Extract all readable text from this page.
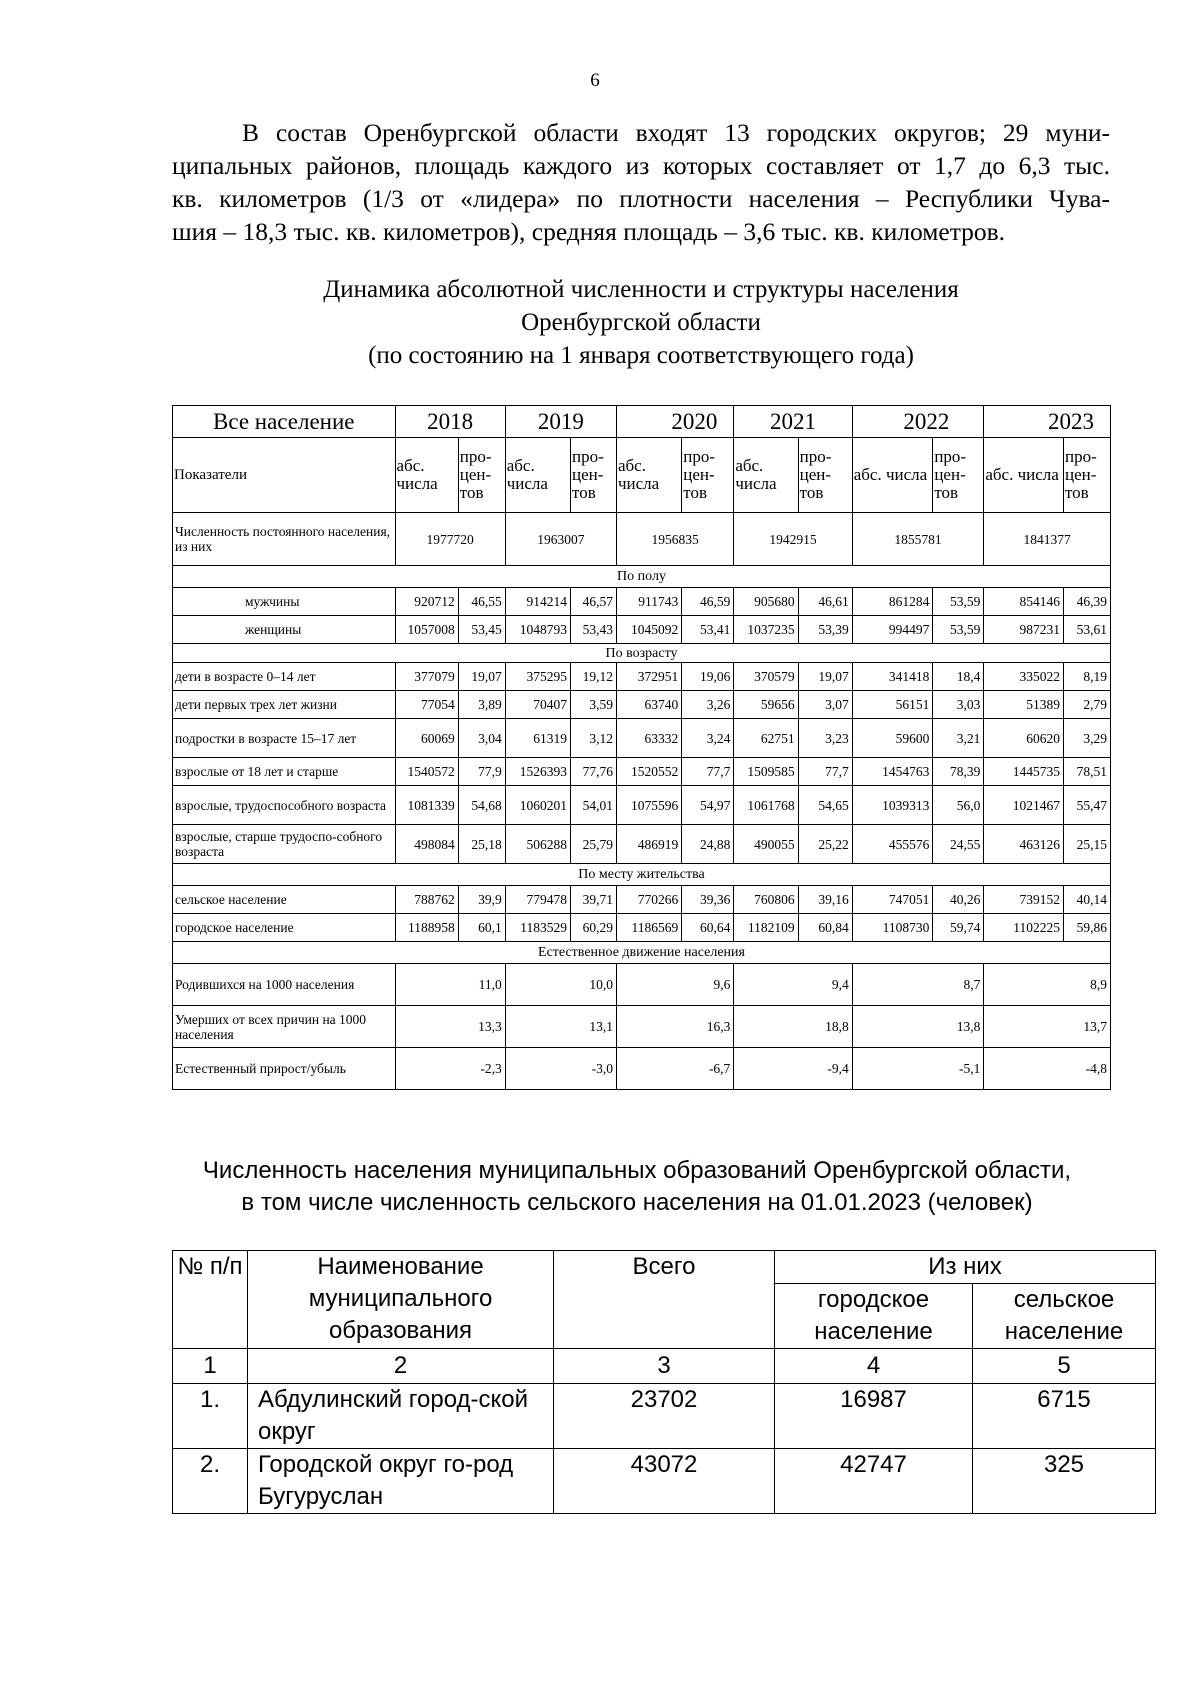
6

В состав Оренбургской области входят 13 городских округов; 29 муни-
ципальных районов, площадь каждого из которых составляет от 1,7 до 6,3 тыс.
кв. километров (1/3 от «лидера» по плотности населения – Республики Чува-
шия – 18,3 тыс. кв. километров), средняя площадь – 3,6 тыс. кв. километров.

Динамика абсолютной численности и структуры населения
Оренбургской области
(по состоянию на 1 января соответствующего года)
Все население	2018		2019		2020		2021		2022		2023	
Показатели	абс. числа	про-цен-тов	абс. числа	про-цен-тов	абс. числа	про-цен-тов	абс. числа	про-цен-тов	абс. числа	про-цен-тов	абс. числа	про-цен-тов
Численность постоянного населения, из них	1977720		1963007		1956835		1942915		1855781		1841377	
По полу												
мужчины	920712	46,55	914214	46,57	911743	46,59	905680	46,61	861284	53,59	854146	46,39
женщины	1057008	53,45	1048793	53,43	1045092	53,41	1037235	53,39	994497	53,59	987231	53,61
По возрасту												
дети в возрасте 0–14 лет	377079	19,07	375295	19,12	372951	19,06	370579	19,07	341418	18,4	335022	8,19
дети первых трех лет жизни	77054	3,89	70407	3,59	63740	3,26	59656	3,07	56151	3,03	51389	2,79
подростки в возрасте 15–17 лет	60069	3,04	61319	3,12	63332	3,24	62751	3,23	59600	3,21	60620	3,29
взрослые от 18 лет и старше	1540572	77,9	1526393	77,76	1520552	77,7	1509585	77,7	1454763	78,39	1445735	78,51
взрослые, трудоспособного возраста	1081339	54,68	1060201	54,01	1075596	54,97	1061768	54,65	1039313	56,0	1021467	55,47
взрослые, старше трудоспо-собного возраста	498084	25,18	506288	25,79	486919	24,88	490055	25,22	455576	24,55	463126	25,15
По месту жительства												
сельское население	788762	39,9	779478	39,71	770266	39,36	760806	39,16	747051	40,26	739152	40,14
городское население	1188958	60,1	1183529	60,29	1186569	60,64	1182109	60,84	1108730	59,74	1102225	59,86
Естественное движение населения												
Родившихся на 1000 населения	11,0		10,0		9,6		9,4		8,7		8,9	
Умерших от всех причин на 1000 населения	13,3		13,1		16,3		18,8		13,8		13,7	
Естественный прирост/убыль	-2,3		-3,0		-6,7		-9,4		-5,1		-4,8	
Численность населения муниципальных образований Оренбургской области,
в том числе численность сельского населения на 01.01.2023 (человек)
№ п/п	Наименование муниципального образования	Всего	Из них	
			городское население	сельское население
1	2	3	4	5
1.	Абдулинский город-ской округ	23702	16987	6715
2.	Городской округ го-род Бугуруслан	43072	42747	325
